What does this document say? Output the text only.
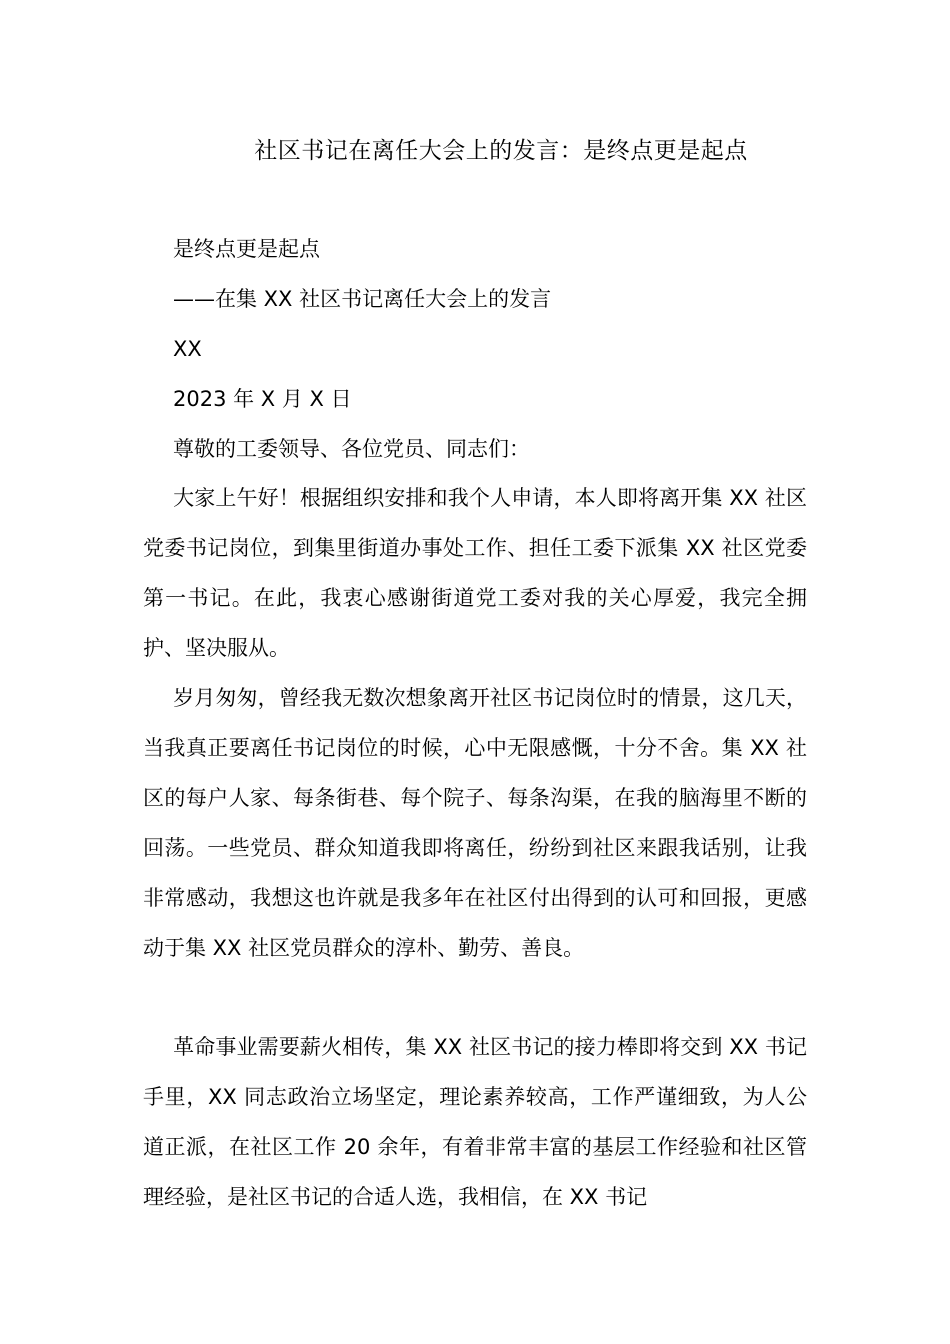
社区书记在离任大会上的发言：是终点更是起点
是终点更是起点
——在集 XX 社区书记离任大会上的发言
XX
2023 年 X 月 X 日
尊敬的工委领导、各位党员、同志们：

大家上午好！根据组织安排和我个人申请，本人即将离开集 XX 社区党委书记岗位，到集里街道办事处工作、担任工委下派集 XX 社区党委第一书记。在此，我衷心感谢街道党工委对我的关心厚爱，我完全拥护、坚决服从。

岁月匆匆，曾经我无数次想象离开社区书记岗位时的情景，这几天，当我真正要离任书记岗位的时候，心中无限感慨，十分不舍。集 XX 社区的每户人家、每条街巷、每个院子、每条沟渠，在我的脑海里不断的回荡。一些党员、群众知道我即将离任，纷纷到社区来跟我话别，让我非常感动，我想这也许就是我多年在社区付出得到的认可和回报，更感动于集 XX 社区党员群众的淳朴、勤劳、善良。

革命事业需要薪火相传，集 XX 社区书记的接力棒即将交到 XX 书记手里，XX 同志政治立场坚定，理论素养较高，工作严谨细致，为人公道正派，在社区工作 20 余年，有着非常丰富的基层工作经验和社区管理经验，是社区书记的合适人选，我相信，在 XX 书记
